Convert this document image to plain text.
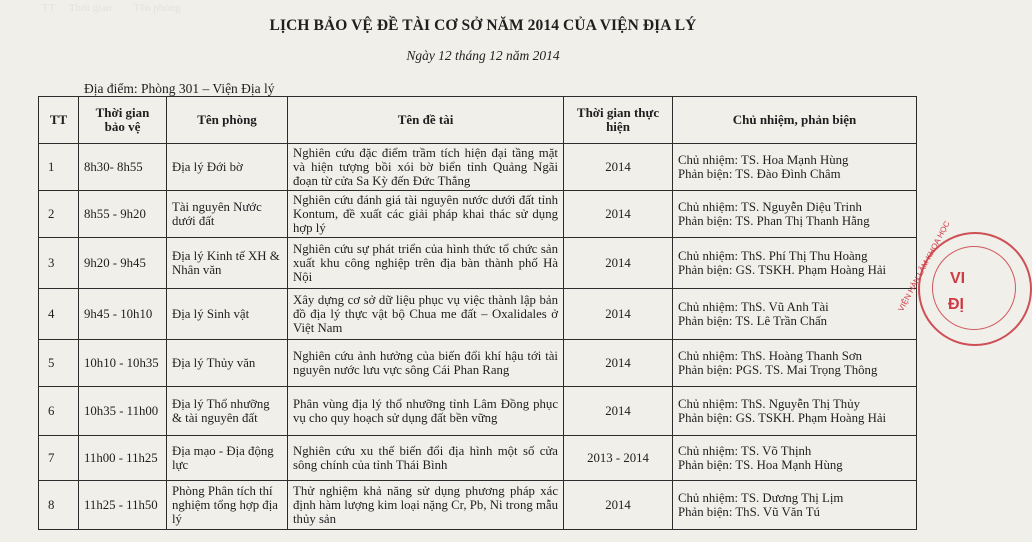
TT     Thời gian        Tên phòng
LỊCH BẢO VỆ ĐỀ TÀI CƠ SỞ NĂM 2014 CỦA VIỆN ĐỊA LÝ
Ngày 12 tháng 12 năm 2014
Địa điểm: Phòng 301 – Viện Địa lý
TT	Thời gian bảo vệ	Tên phòng	Tên đề tài	Thời gian thực hiện	Chủ nhiệm, phản biện
1	8h30- 8h55	Địa lý Đới bờ	Nghiên cứu đặc điểm trầm tích hiện đại tầng mặt và hiện tượng bồi xói bờ biển tỉnh Quảng Ngãi đoạn từ cửa Sa Kỳ đến Đức Thắng	2014	Chủ nhiệm: TS. Hoa Mạnh Hùng
Phản biện: TS. Đào Đình Châm

2	8h55 - 9h20	Tài nguyên Nước dưới đất	Nghiên cứu đánh giá tài nguyên nước dưới đất tỉnh Kontum, đề xuất các giải pháp khai thác sử dụng hợp lý	2014	Chủ nhiệm: TS. Nguyễn Diệu Trinh
Phản biện: TS. Phan Thị Thanh Hằng

3	9h20 - 9h45	Địa lý Kinh tế XH & Nhân văn	Nghiên cứu sự phát triển của hình thức tổ chức sản xuất khu công nghiệp trên địa bàn thành phố Hà Nội	2014	Chủ nhiệm: ThS. Phí Thị Thu Hoàng
Phản biện: GS. TSKH. Phạm Hoàng Hải

4	9h45 - 10h10	Địa lý Sinh vật	Xây dựng cơ sở dữ liệu phục vụ việc thành lập bản đồ địa lý thực vật bộ Chua me đất – Oxalidales ở Việt Nam	2014	Chủ nhiệm: ThS. Vũ Anh Tài
Phản biện: TS. Lê Trần Chấn

5	10h10 - 10h35	Địa lý Thủy văn	Nghiên cứu ảnh hưởng của biến đổi khí hậu tới tài nguyên nước lưu vực sông Cái Phan Rang	2014	Chủ nhiệm: ThS. Hoàng Thanh Sơn
Phản biện: PGS. TS. Mai Trọng Thông

6	10h35 - 11h00	Địa lý Thổ nhưỡng & tài nguyên đất	Phân vùng địa lý thổ nhưỡng tỉnh Lâm Đồng phục vụ cho quy hoạch sử dụng đất bền vững	2014	Chủ nhiệm: ThS. Nguyễn Thị Thủy
Phản biện: GS. TSKH. Phạm Hoàng Hải

7	11h00 - 11h25	Địa mạo - Địa động lực	Nghiên cứu xu thế biến đổi địa hình một số cửa sông chính của tỉnh Thái Bình	2013 - 2014	Chủ nhiệm: TS. Võ Thịnh
Phản biện: TS. Hoa Mạnh Hùng

8	11h25 - 11h50	Phòng Phân tích thí nghiệm tổng hợp địa lý	Thử nghiệm khả năng sử dụng phương pháp xác định hàm lượng kim loại nặng Cr, Pb, Ni trong mẫu thủy sản	2014	Chủ nhiệm: TS. Dương Thị Lịm
Phản biện: ThS. Vũ Văn Tú
VIỆN HÀN LÂM KHOA HỌC
VI
ĐỊ
